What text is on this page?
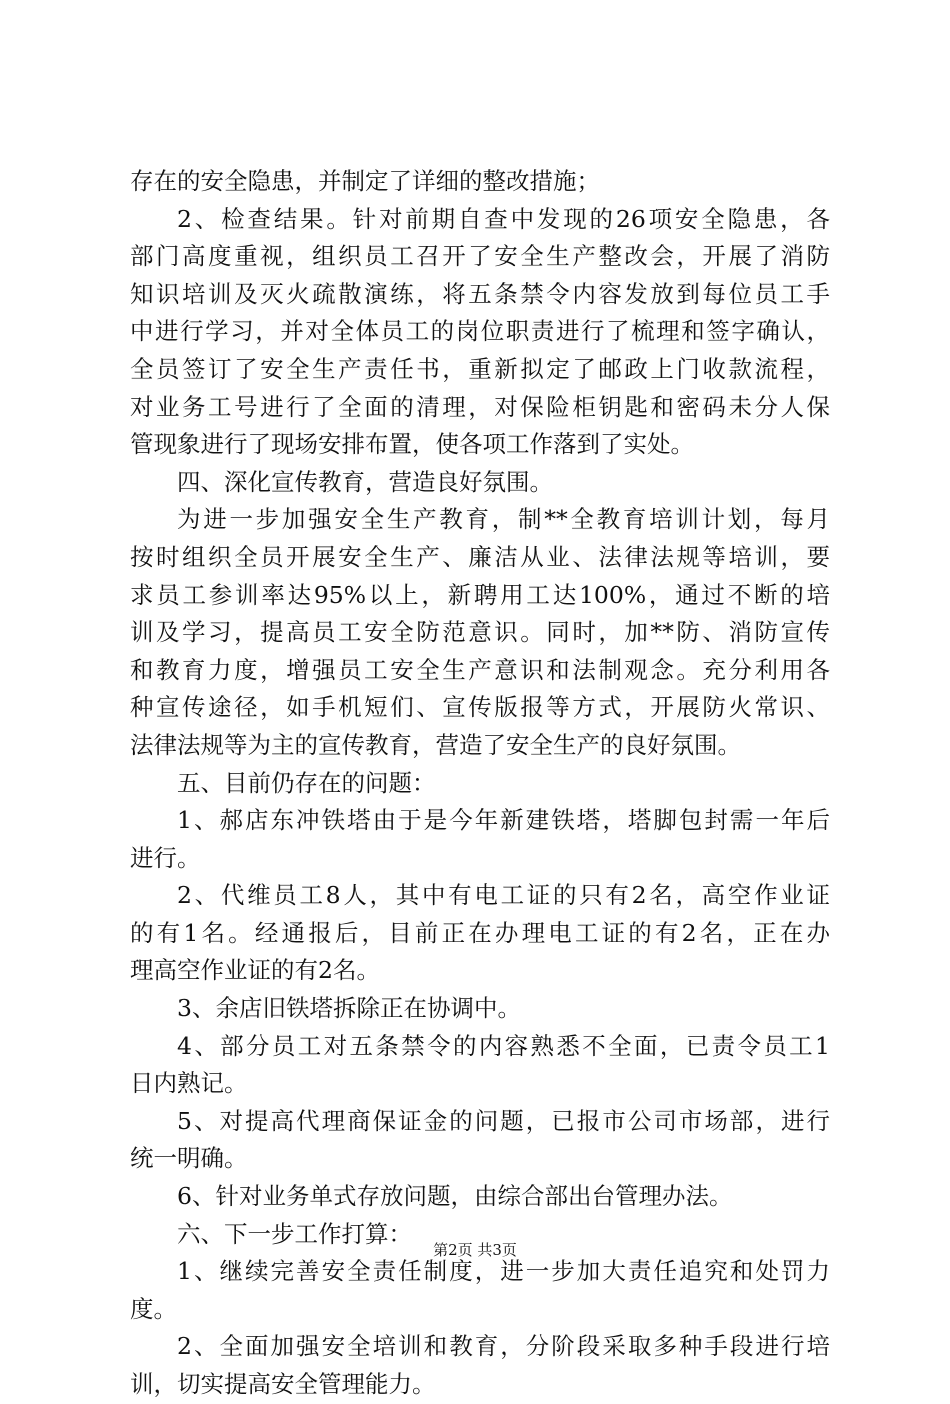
存在的安全隐患，并制定了详细的整改措施；
2、检查结果。针对前期自查中发现的26项安全隐患，各
部门高度重视，组织员工召开了安全生产整改会，开展了消防
知识培训及灭火疏散演练，将五条禁令内容发放到每位员工手
中进行学习，并对全体员工的岗位职责进行了梳理和签字确认，
全员签订了安全生产责任书，重新拟定了邮政上门收款流程，
对业务工号进行了全面的清理，对保险柜钥匙和密码未分人保
管现象进行了现场安排布置，使各项工作落到了实处。
四、深化宣传教育，营造良好氛围。
为进一步加强安全生产教育，制**全教育培训计划，每月
按时组织全员开展安全生产、廉洁从业、法律法规等培训，要
求员工参训率达95%以上，新聘用工达100%，通过不断的培
训及学习，提高员工安全防范意识。同时，加**防、消防宣传
和教育力度，增强员工安全生产意识和法制观念。充分利用各
种宣传途径，如手机短们、宣传版报等方式，开展防火常识、
法律法规等为主的宣传教育，营造了安全生产的良好氛围。
五、目前仍存在的问题：
1、郝店东冲铁塔由于是今年新建铁塔，塔脚包封需一年后
进行。
2、代维员工8人，其中有电工证的只有2名，高空作业证
的有1名。经通报后，目前正在办理电工证的有2名，正在办
理高空作业证的有2名。
3、余店旧铁塔拆除正在协调中。
4、部分员工对五条禁令的内容熟悉不全面，已责令员工1
日内熟记。
5、对提高代理商保证金的问题，已报市公司市场部，进行
统一明确。
6、针对业务单式存放问题，由综合部出台管理办法。
六、下一步工作打算：
1、继续完善安全责任制度，进一步加大责任追究和处罚力
度。
2、全面加强安全培训和教育，分阶段采取多种手段进行培
训，切实提高安全管理能力。
第2页 共3页
